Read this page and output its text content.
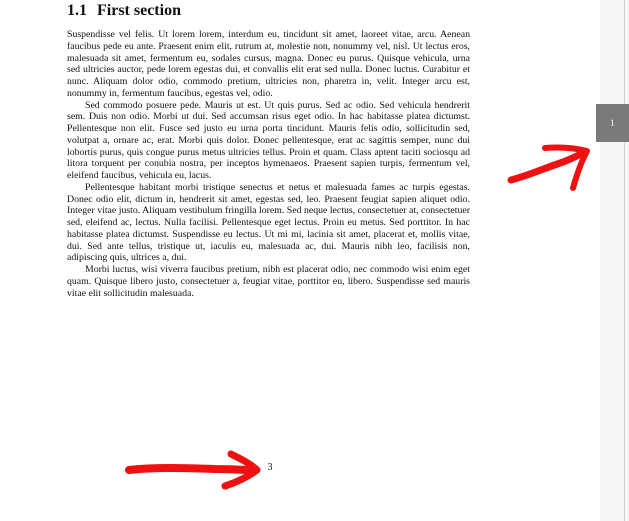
1.1 First section

Suspendisse vel felis. Ut lorem lorem, interdum eu, tincidunt sit amet, laoreet vitae, arcu. Aenean faucibus pede eu ante. Praesent enim elit, rutrum at, molestie non, nonummy vel, nisl. Ut lectus eros, malesuada sit amet, fermentum eu, sodales cursus, magna. Donec eu purus. Quisque vehicula, urna sed ultricies auctor, pede lorem egestas dui, et convallis elit erat sed nulla. Donec luctus. Curabitur et nunc. Aliquam dolor odio, commodo pretium, ultricies non, pharetra in, velit. Integer arcu est, nonummy in, fermentum faucibus, egestas vel, odio.

Sed commodo posuere pede. Mauris ut est. Ut quis purus. Sed ac odio. Sed vehicula hendrerit sem. Duis non odio. Morbi ut dui. Sed accumsan risus eget odio. In hac habitasse platea dictumst. Pellentesque non elit. Fusce sed justo eu urna porta tincidunt. Mauris felis odio, sollicitudin sed, volutpat a, ornare ac, erat. Morbi quis dolor. Donec pellentesque, erat ac sagittis semper, nunc dui lobortis purus, quis congue purus metus ultricies tellus. Proin et quam. Class aptent taciti sociosqu ad litora torquent per conubia nostra, per inceptos hymenaeos. Praesent sapien turpis, fermentum vel, eleifend faucibus, vehicula eu, lacus.

Pellentesque habitant morbi tristique senectus et netus et malesuada fames ac turpis egestas. Donec odio elit, dictum in, hendrerit sit amet, egestas sed, leo. Praesent feugiat sapien aliquet odio. Integer vitae justo. Aliquam vestibulum fringilla lorem. Sed neque lectus, consectetuer at, consectetuer sed, eleifend ac, lectus. Nulla facilisi. Pellentesque eget lectus. Proin eu metus. Sed porttitor. In hac habitasse platea dictumst. Suspendisse eu lectus. Ut mi mi, lacinia sit amet, placerat et, mollis vitae, dui. Sed ante tellus, tristique ut, iaculis eu, malesuada ac, dui. Mauris nibh leo, facilisis non, adipiscing quis, ultrices a, dui.

Morbi luctus, wisi viverra faucibus pretium, nibh est placerat odio, nec commodo wisi enim eget quam. Quisque libero justo, consectetuer a, feugiat vitae, porttitor eu, libero. Suspendisse sed mauris vitae elit sollicitudin malesuada.

3
1
